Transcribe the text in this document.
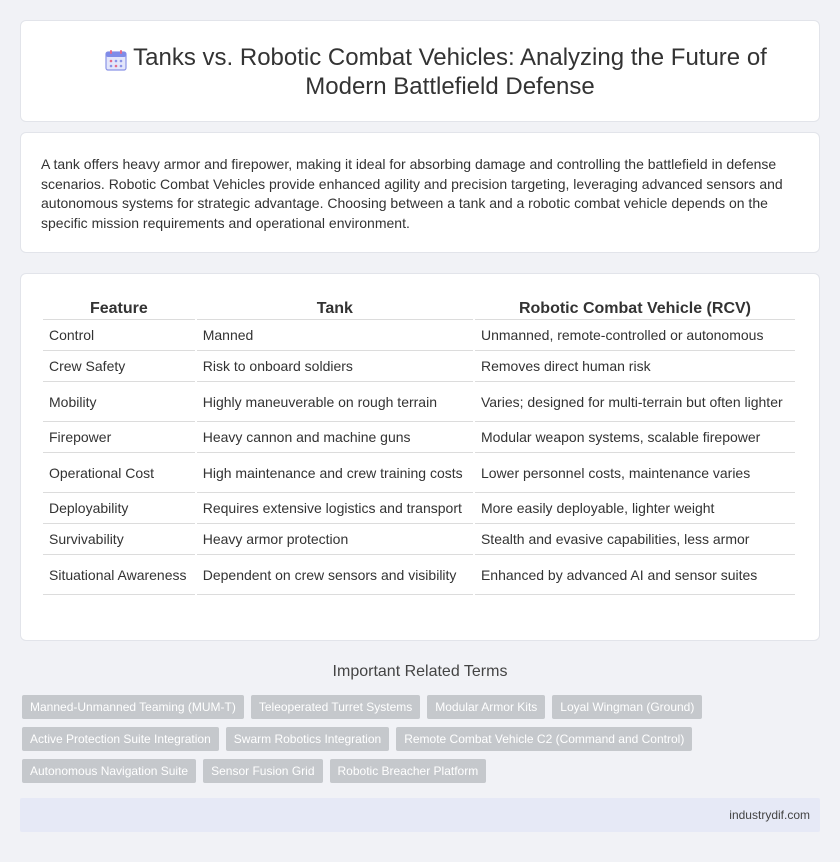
Tanks vs. Robotic Combat Vehicles: Analyzing the Future of Modern Battlefield Defense

A tank offers heavy armor and firepower, making it ideal for absorbing damage and controlling the battlefield in defense scenarios. Robotic Combat Vehicles provide enhanced agility and precision targeting, leveraging advanced sensors and autonomous systems for strategic advantage. Choosing between a tank and a robotic combat vehicle depends on the specific mission requirements and operational environment.

Feature	Tank	Robotic Combat Vehicle (RCV)
Control	Manned	Unmanned, remote-controlled or autonomous
Crew Safety	Risk to onboard soldiers	Removes direct human risk
Mobility	Highly maneuverable on rough terrain	Varies; designed for multi-terrain but often lighter
Firepower	Heavy cannon and machine guns	Modular weapon systems, scalable firepower
Operational Cost	High maintenance and crew training costs	Lower personnel costs, maintenance varies
Deployability	Requires extensive logistics and transport	More easily deployable, lighter weight
Survivability	Heavy armor protection	Stealth and evasive capabilities, less armor
Situational Awareness	Dependent on crew sensors and visibility	Enhanced by advanced AI and sensor suites
Important Related Terms
Manned-Unmanned Teaming (MUM-T)	Teleoperated Turret Systems	Modular Armor Kits	Loyal Wingman (Ground)
Active Protection Suite Integration	Swarm Robotics Integration	Remote Combat Vehicle C2 (Command and Control)
Autonomous Navigation Suite	Sensor Fusion Grid	Robotic Breacher Platform
industrydif.com
